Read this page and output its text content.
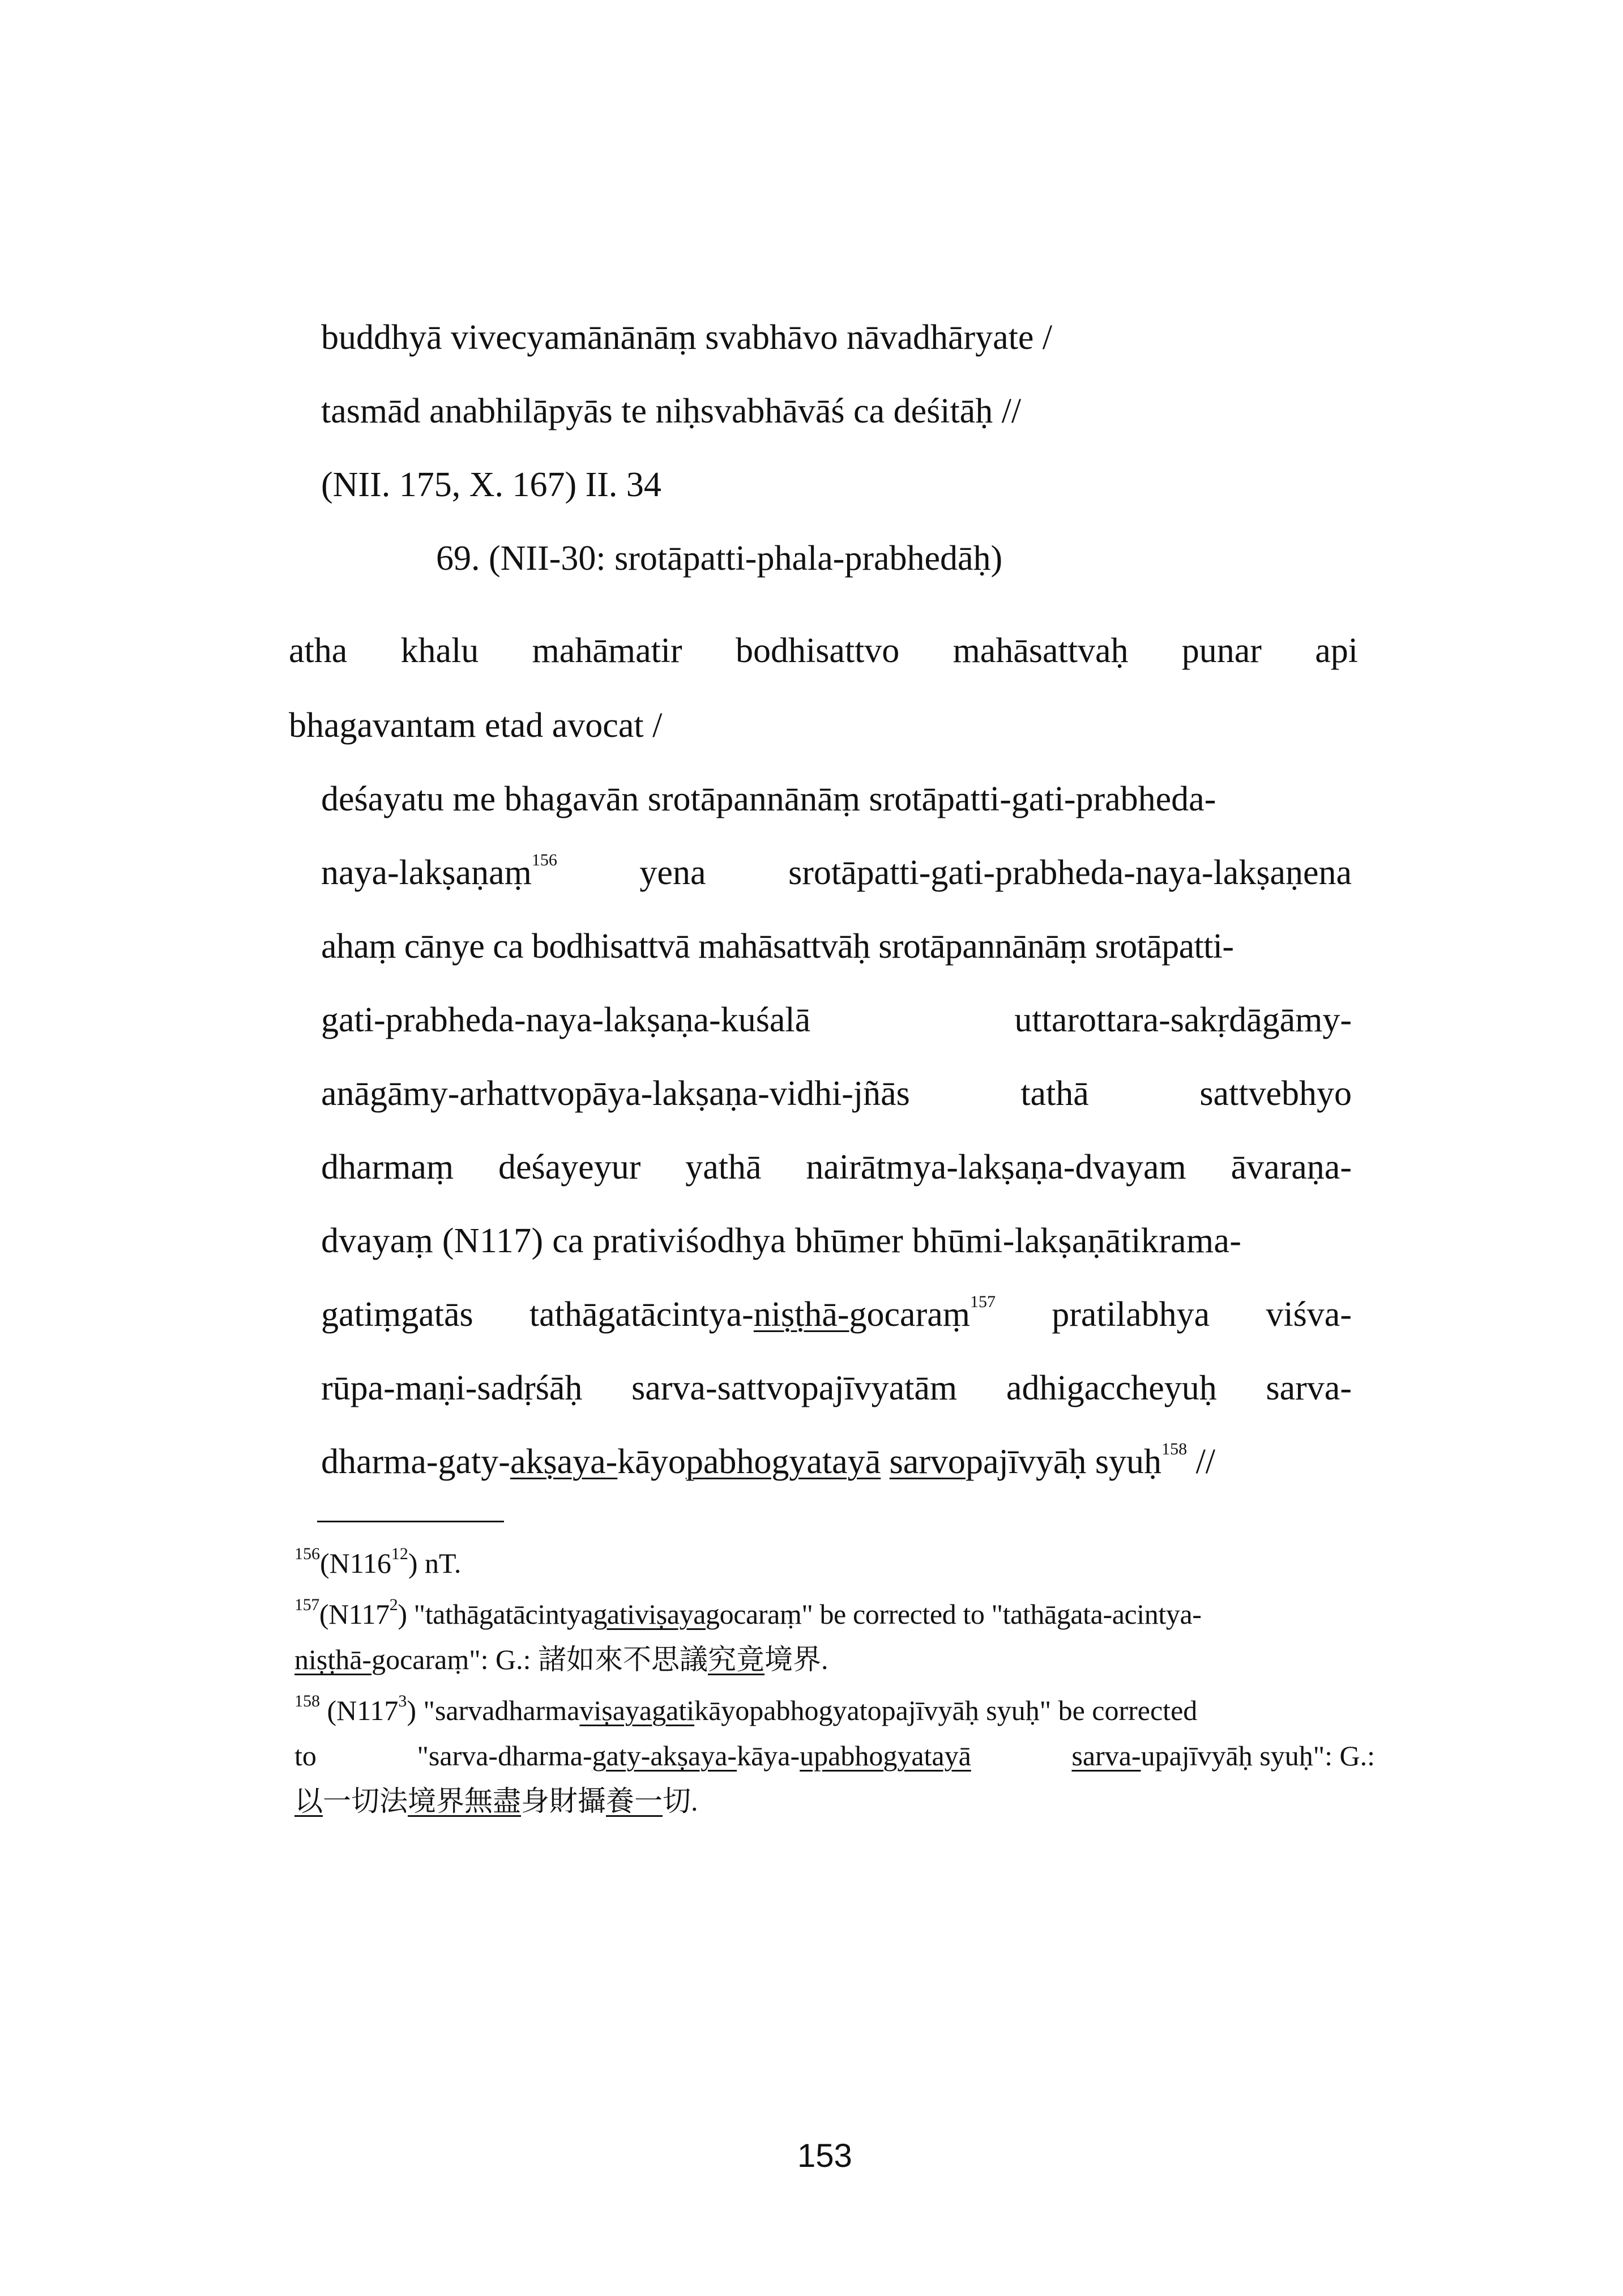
buddhyā vivecyamānānāṃ svabhāvo nāvadhāryate /
tasmād anabhilāpyās te niḥsvabhāvāś ca deśitāḥ //
(NII. 175, X. 167) II. 34
69. (NII-30: srotāpatti-phala-prabhedāḥ)
atha khalu mahāmatir bodhisattvo mahāsattvaḥ punar api
bhagavantam etad avocat /
deśayatu me bhagavān srotāpannānāṃ srotāpatti-gati-prabheda-
naya-lakṣaṇaṃ$^{156}$ yena srotāpatti-gati-prabheda-naya-lakṣaṇena
ahaṃ cānye ca bodhisattvā mahāsattvāḥ srotāpannānāṃ srotāpatti-
gati-prabheda-naya-lakṣaṇa-kuśalā	uttarottara-sakṛdāgāmy-
anāgāmy-arhattvopāya-lakṣaṇa-vidhi-jñās	tathā	sattvebhyo
dharmaṃ deśayeyur yathā nairātmya-lakṣaṇa-dvayam āvaraṇa-
dvayaṃ (N117) ca prativiśodhya bhūmer bhūmi-lakṣaṇātikrama-
gatiṃgatās tathāgatācintya-niṣṭhā-gocaraṃ$^{157}$ pratilabhya viśva-
rūpa-maṇi-sadṛśāḥ sarva-sattvopajīvyatām adhigaccheyuḥ sarva-
dharma-gaty-akṣaya-kāyopabhogyatayā sarvopajīvyāḥ syuḥ$^{158}$ //
$^{156}(N116^{12})$ nT.
$^{157}(N117^2)$ "tathāgatācintyagativiṣayagocaraṃ" be corrected to "tathāgata-acintya-
niṣṭhā-gocaraṃ": G.: 諸如來不思議究竟境界.
$^{158}$ $(N117^3)$ "sarvadharmaviṣayagatikāyopabhogyatopajīvyāḥ syuḥ" be corrected
to	"sarva-dharma-gaty-akṣaya-kāya-upabhogyatayā	sarva-upajīvyāḥ syuḥ": G.:
以一切法境界無盡身財攝養一切.
153
